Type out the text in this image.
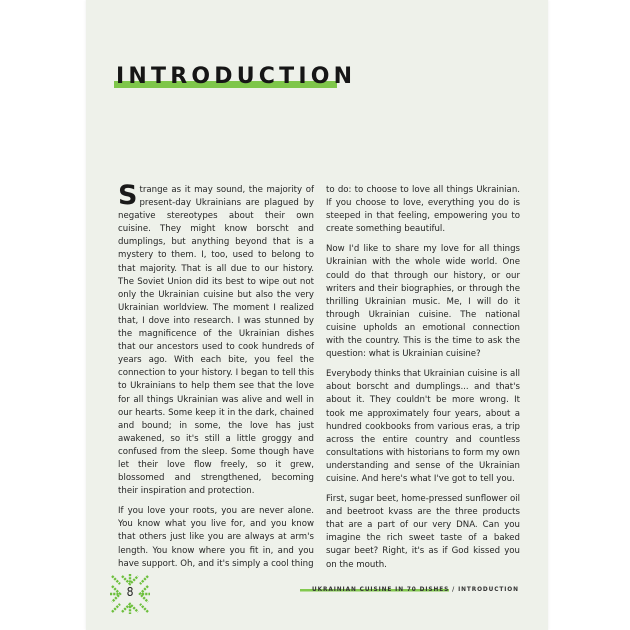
INTRODUCTION

Strange as it may sound, the majority of present-day Ukrainians are plagued by negative stereotypes about their own cuisine. They might know borscht and dumplings, but anything beyond that is a mystery to them. I, too, used to belong to that majority. That is all due to our history. The Soviet Union did its best to wipe out not only the Ukrainian cuisine but also the very Ukrainian worldview. The moment I realized that, I dove into research. I was stunned by the magnificence of the Ukrainian dishes that our ancestors used to cook hundreds of years ago. With each bite, you feel the connection to your history. I began to tell this to Ukrainians to help them see that the love for all things Ukrainian was alive and well in our hearts. Some keep it in the dark, chained and bound; in some, the love has just awakened, so it's still a little groggy and confused from the sleep. Some though have let their love flow freely, so it grew, blossomed and strengthened, becoming their inspiration and protection.

If you love your roots, you are never alone. You know what you live for, and you know that others just like you are always at arm's length. You know where you fit in, and you have support. Oh, and it's simply a cool thing

to do: to choose to love all things Ukrainian. If you choose to love, everything you do is steeped in that feeling, empowering you to create something beautiful.

Now I'd like to share my love for all things Ukrainian with the whole wide world. One could do that through our history, or our writers and their biographies, or through the thrilling Ukrainian music. Me, I will do it through Ukrainian cuisine. The national cuisine upholds an emotional connection with the country. This is the time to ask the question: what is Ukrainian cuisine?

Everybody thinks that Ukrainian cuisine is all about borscht and dumplings... and that's about it. They couldn't be more wrong. It took me approximately four years, about a hundred cookbooks from various eras, a trip across the entire country and countless consultations with historians to form my own understanding and sense of the Ukrainian cuisine. And here's what I've got to tell you.

First, sugar beet, home-pressed sunflower oil and beetroot kvass are the three products that are a part of our very DNA. Can you imagine the rich sweet taste of a baked sugar beet? Right, it's as if God kissed you on the mouth.

8	UKRAINIAN CUISINE IN 70 DISHES / INTRODUCTION
